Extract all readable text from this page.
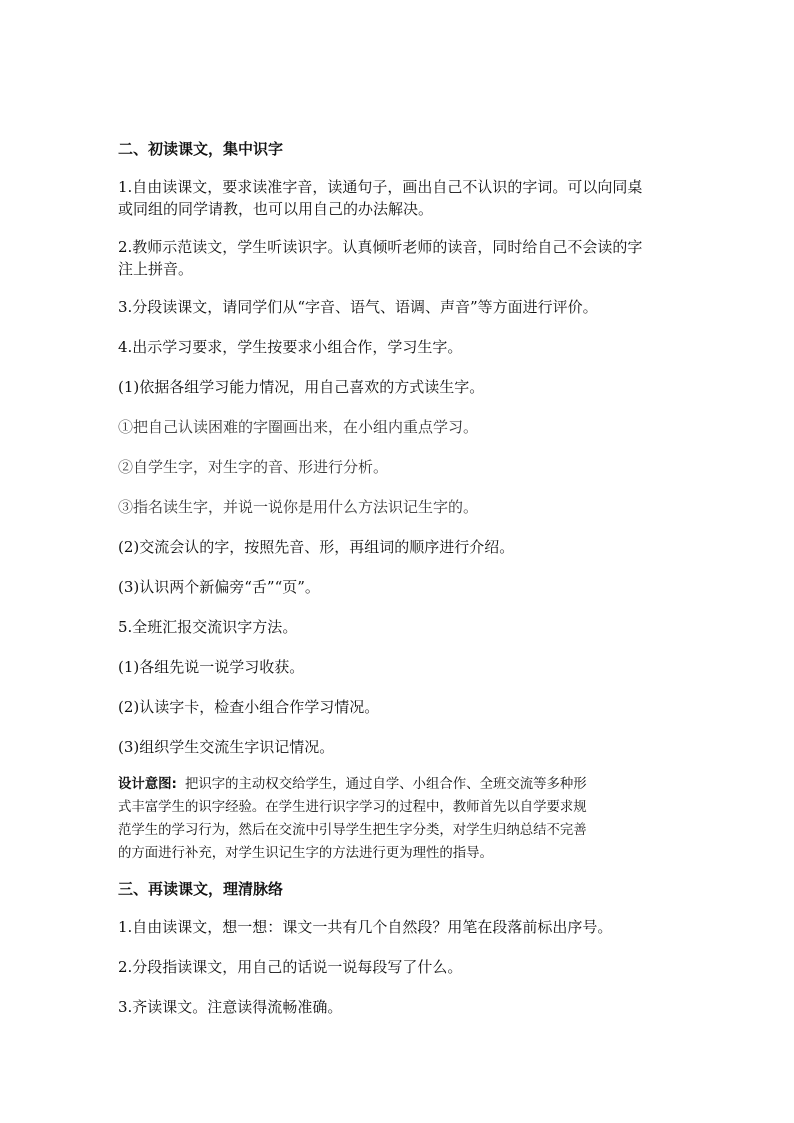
二、初读课文，集中识字
1.自由读课文，要求读准字音，读通句子，画出自己不认识的字词。可以向同桌
或同组的同学请教，也可以用自己的办法解决。
2.教师示范读文，学生听读识字。认真倾听老师的读音，同时给自己不会读的字
注上拼音。
3.分段读课文，请同学们从“字音、语气、语调、声音”等方面进行评价。
4.出示学习要求，学生按要求小组合作，学习生字。
(1)依据各组学习能力情况，用自己喜欢的方式读生字。
①把自己认读困难的字圈画出来，在小组内重点学习。
②自学生字，对生字的音、形进行分析。
③指名读生字，并说一说你是用什么方法识记生字的。
(2)交流会认的字，按照先音、形，再组词的顺序进行介绍。
(3)认识两个新偏旁“舌”“页”。
5.全班汇报交流识字方法。
(1)各组先说一说学习收获。
(2)认读字卡，检查小组合作学习情况。
(3)组织学生交流生字识记情况。
设计意图: 把识字的主动权交给学生，通过自学、小组合作、全班交流等多种形
式丰富学生的识字经验。在学生进行识字学习的过程中，教师首先以自学要求规
范学生的学习行为，然后在交流中引导学生把生字分类，对学生归纳总结不完善
的方面进行补充，对学生识记生字的方法进行更为理性的指导。
三、再读课文，理清脉络
1.自由读课文，想一想：课文一共有几个自然段？用笔在段落前标出序号。
2.分段指读课文，用自己的话说一说每段写了什么。
3.齐读课文。注意读得流畅准确。
